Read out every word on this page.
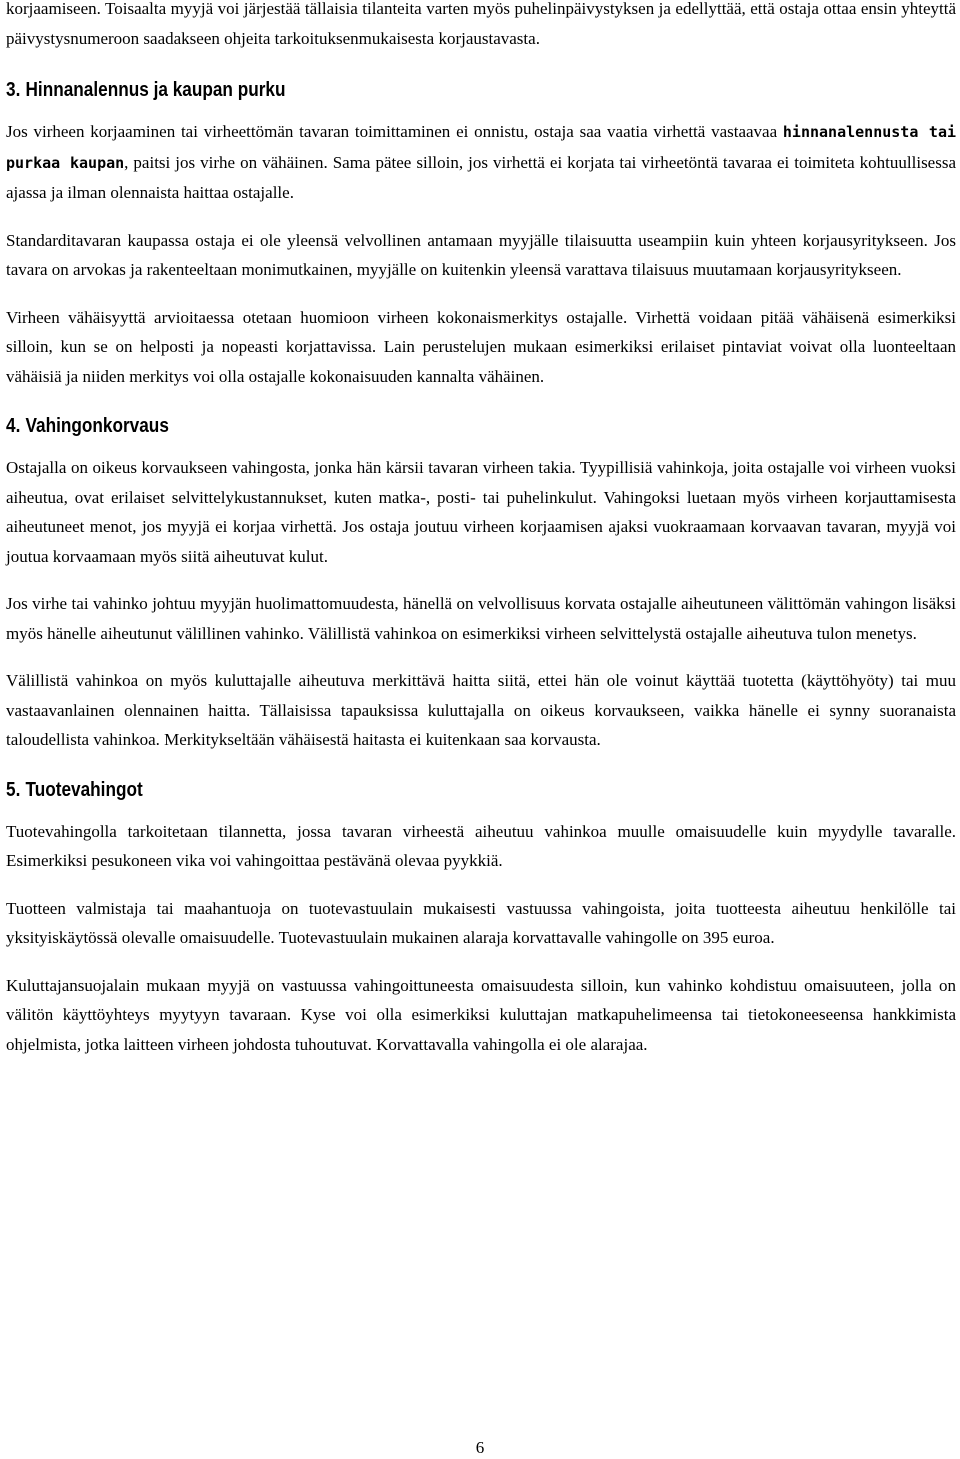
korjaamiseen. Toisaalta myyjä voi järjestää tällaisia tilanteita varten myös puhelinpäivystyksen ja edellyttää, että ostaja ottaa ensin yhteyttä päivystysnumeroon saadakseen ohjeita tarkoituksenmukaisesta korjaustavasta.

3. Hinnanalennus ja kaupan purku

Jos virheen korjaaminen tai virheettömän tavaran toimittaminen ei onnistu, ostaja saa vaatia virhettä vastaavaa hinnanalennusta tai purkaa kaupan, paitsi jos virhe on vähäinen. Sama pätee silloin, jos virhettä ei korjata tai virheetöntä tavaraa ei toimiteta kohtuullisessa ajassa ja ilman olennaista haittaa ostajalle.

Standarditavaran kaupassa ostaja ei ole yleensä velvollinen antamaan myyjälle tilaisuutta useampiin kuin yhteen korjausyritykseen. Jos tavara on arvokas ja rakenteeltaan monimutkainen, myyjälle on kuitenkin yleensä varattava tilaisuus muutamaan korjausyritykseen.

Virheen vähäisyyttä arvioitaessa otetaan huomioon virheen kokonaismerkitys ostajalle. Virhettä voidaan pitää vähäisenä esimerkiksi silloin, kun se on helposti ja nopeasti korjattavissa. Lain perustelujen mukaan esimerkiksi erilaiset pintaviat voivat olla luonteeltaan vähäisiä ja niiden merkitys voi olla ostajalle kokonaisuuden kannalta vähäinen.

4. Vahingonkorvaus

Ostajalla on oikeus korvaukseen vahingosta, jonka hän kärsii tavaran virheen takia. Tyypillisiä vahinkoja, joita ostajalle voi virheen vuoksi aiheutua, ovat erilaiset selvittelykustannukset, kuten matka-, posti- tai puhelinkulut. Vahingoksi luetaan myös virheen korjauttamisesta aiheutuneet menot, jos myyjä ei korjaa virhettä. Jos ostaja joutuu virheen korjaamisen ajaksi vuokraamaan korvaavan tavaran, myyjä voi joutua korvaamaan myös siitä aiheutuvat kulut.

Jos virhe tai vahinko johtuu myyjän huolimattomuudesta, hänellä on velvollisuus korvata ostajalle aiheutuneen välittömän vahingon lisäksi myös hänelle aiheutunut välillinen vahinko. Välillistä vahinkoa on esimerkiksi virheen selvittelystä ostajalle aiheutuva tulon menetys.

Välillistä vahinkoa on myös kuluttajalle aiheutuva merkittävä haitta siitä, ettei hän ole voinut käyttää tuotetta (käyttöhyöty) tai muu vastaavanlainen olennainen haitta. Tällaisissa tapauksissa kuluttajalla on oikeus korvaukseen, vaikka hänelle ei synny suoranaista taloudellista vahinkoa. Merkitykseltään vähäisestä haitasta ei kuitenkaan saa korvausta.

5. Tuotevahingot

Tuotevahingolla tarkoitetaan tilannetta, jossa tavaran virheestä aiheutuu vahinkoa muulle omaisuudelle kuin myydylle tavaralle. Esimerkiksi pesukoneen vika voi vahingoittaa pestävänä olevaa pyykkiä.

Tuotteen valmistaja tai maahantuoja on tuotevastuulain mukaisesti vastuussa vahingoista, joita tuotteesta aiheutuu henkilölle tai yksityiskäytössä olevalle omaisuudelle. Tuotevastuulain mukainen alaraja korvattavalle vahingolle on 395 euroa.

Kuluttajansuojalain mukaan myyjä on vastuussa vahingoittuneesta omaisuudesta silloin, kun vahinko kohdistuu omaisuuteen, jolla on välitön käyttöyhteys myytyyn tavaraan. Kyse voi olla esimerkiksi kuluttajan matkapuhelimeensa tai tietokoneeseensa hankkimista ohjelmista, jotka laitteen virheen johdosta tuhoutuvat. Korvattavalla vahingolla ei ole alarajaa.

6
